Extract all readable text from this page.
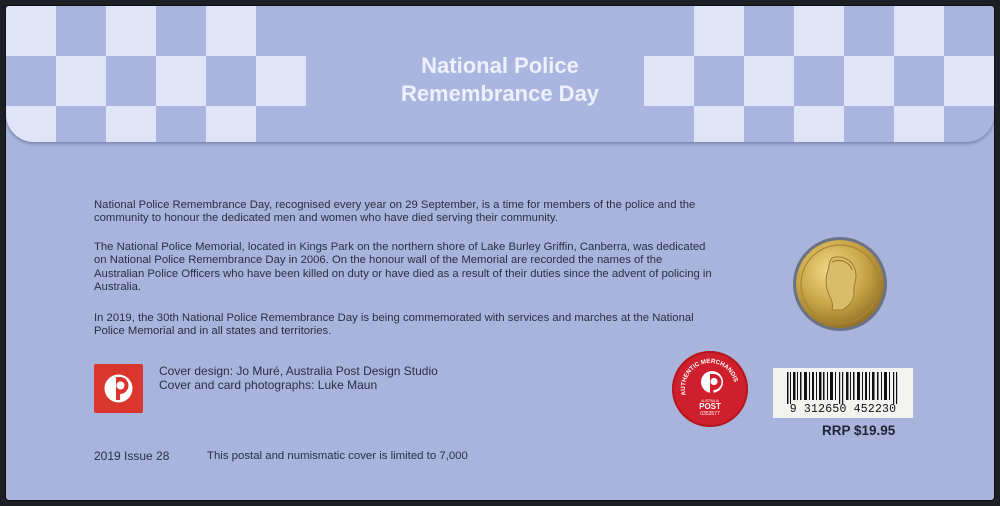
National Police
Remembrance Day

National Police Remembrance Day, recognised every year on 29 September, is a time for members of the police and the community to honour the dedicated men and women who have died serving their community.

The National Police Memorial, located in Kings Park on the northern shore of Lake Burley Griffin, Canberra, was dedicated on National Police Remembrance Day in 2006. On the honour wall of the Memorial are recorded the names of the Australian Police Officers who have been killed on duty or have died as a result of their duties since the advent of policing in Australia.

In 2019, the 30th National Police Remembrance Day is being commemorated with services and marches at the National Police Memorial and in all states and territories.

Cover design: Jo Muré, Australia Post Design Studio
Cover and card photographs: Luke Maun
2019 Issue 28	This postal and numismatic cover is limited to 7,000
AUTHENTIC MERCHANDIS
AUSTRALIA
POST
0353577	9 312650 452230
RRP $19.95
